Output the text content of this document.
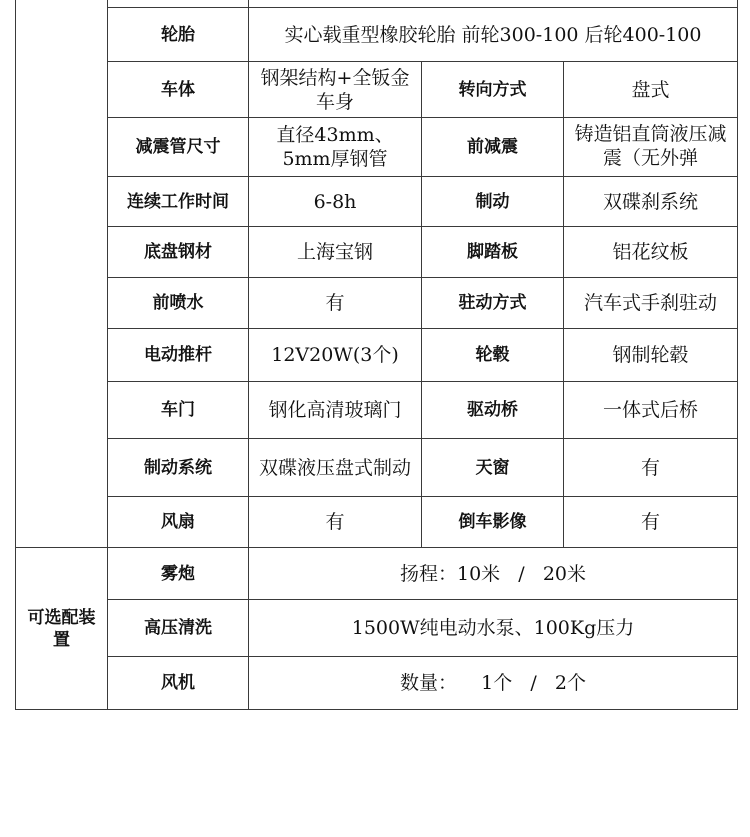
	轮胎	实心载重型橡胶轮胎 前轮300-100 后轮400-100		
	车体	钢架结构+全钣金车身	转向方式	盘式
	减震管尺寸	直径43mm、5mm厚钢管	前减震	铸造铝直筒液压减震（无外弹

	连续工作时间	6-8h	制动	双碟刹系统
	底盘钢材	上海宝钢	脚踏板	铝花纹板
	前喷水	有	驻动方式	汽车式手刹驻动
	电动推杆	12V20W(3个)	轮毂	钢制轮毂
	车门	钢化高清玻璃门	驱动桥	一体式后桥
	制动系统	双碟液压盘式制动	天窗	有
	风扇	有	倒车影像	有
可选配装置	雾炮	扬程：10米   /   20米		
	高压清洗	1500W纯电动水泵、100Kg压力		
	风机	数量：    1个   /   2个		
